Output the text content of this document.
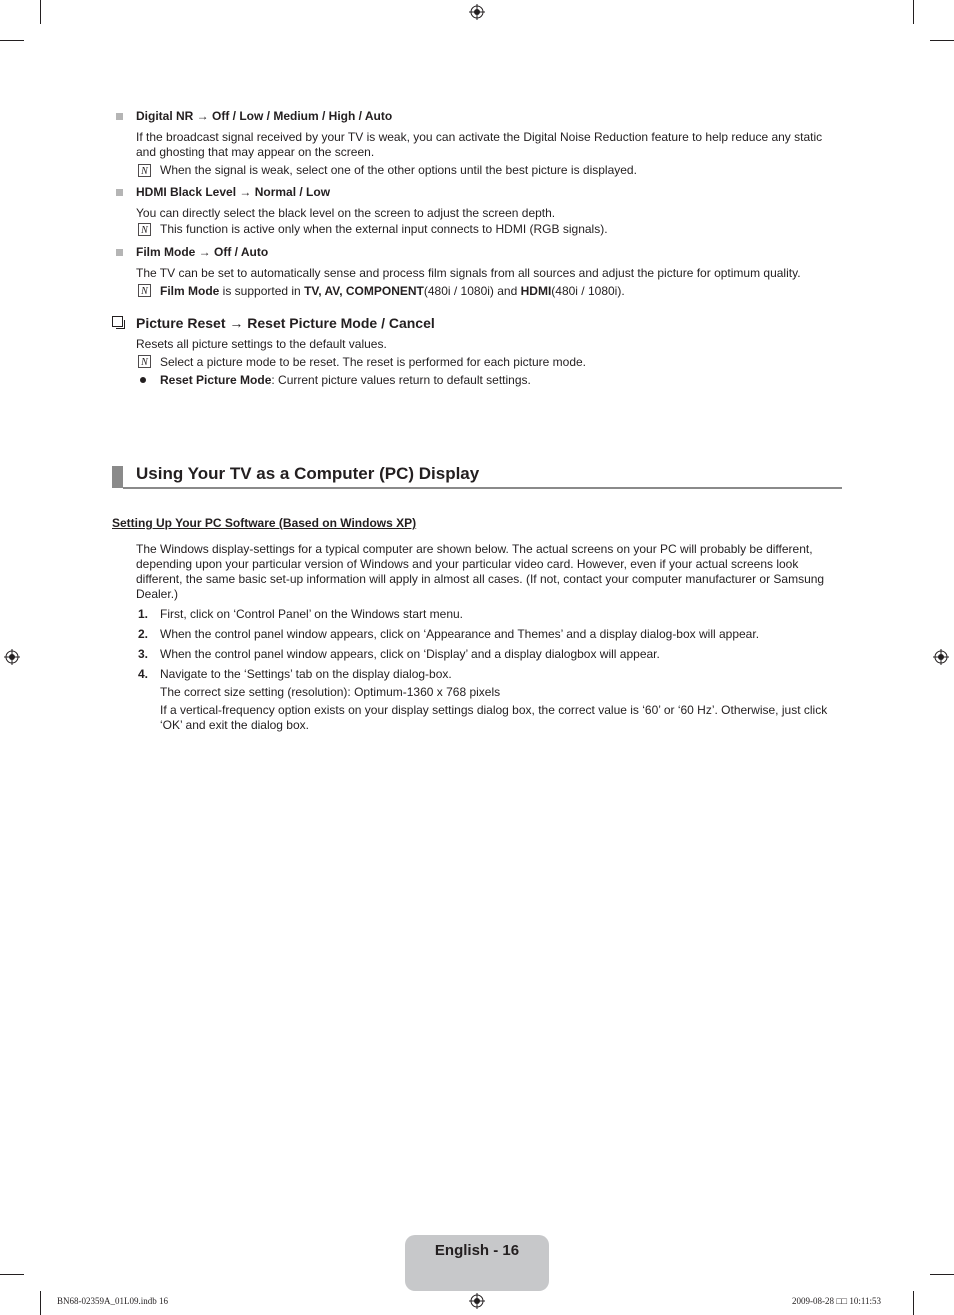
Digital NR → Off / Low / Medium / High / Auto
If the broadcast signal received by your TV is weak, you can activate the Digital Noise Reduction feature to help reduce any static and ghosting that may appear on the screen.
N When the signal is weak, select one of the other options until the best picture is displayed.
HDMI Black Level → Normal / Low
You can directly select the black level on the screen to adjust the screen depth.
N This function is active only when the external input connects to HDMI (RGB signals).
Film Mode → Off / Auto
The TV can be set to automatically sense and process film signals from all sources and adjust the picture for optimum quality.
N Film Mode is supported in TV, AV, COMPONENT(480i / 1080i) and HDMI(480i / 1080i).
Picture Reset → Reset Picture Mode / Cancel
Resets all picture settings to the default values.
N Select a picture mode to be reset. The reset is performed for each picture mode.
Reset Picture Mode: Current picture values return to default settings.
Using Your TV as a Computer (PC) Display
Setting Up Your PC Software (Based on Windows XP)
The Windows display-settings for a typical computer are shown below. The actual screens on your PC will probably be different, depending upon your particular version of Windows and your particular video card. However, even if your actual screens look different, the same basic set-up information will apply in almost all cases. (If not, contact your computer manufacturer or Samsung Dealer.)
1. First, click on ‘Control Panel’ on the Windows start menu.
2. When the control panel window appears, click on ‘Appearance and Themes’ and a display dialog-box will appear.
3. When the control panel window appears, click on ‘Display’ and a display dialogbox will appear.
4. Navigate to the ‘Settings’ tab on the display dialog-box.
The correct size setting (resolution): Optimum-1360 x 768 pixels
If a vertical-frequency option exists on your display settings dialog box, the correct value is ‘60’ or ‘60 Hz’. Otherwise, just click ‘OK’ and exit the dialog box.
English - 16
BN68-02359A_01L09.indb 16	2009-08-28 □□ 10:11:53
